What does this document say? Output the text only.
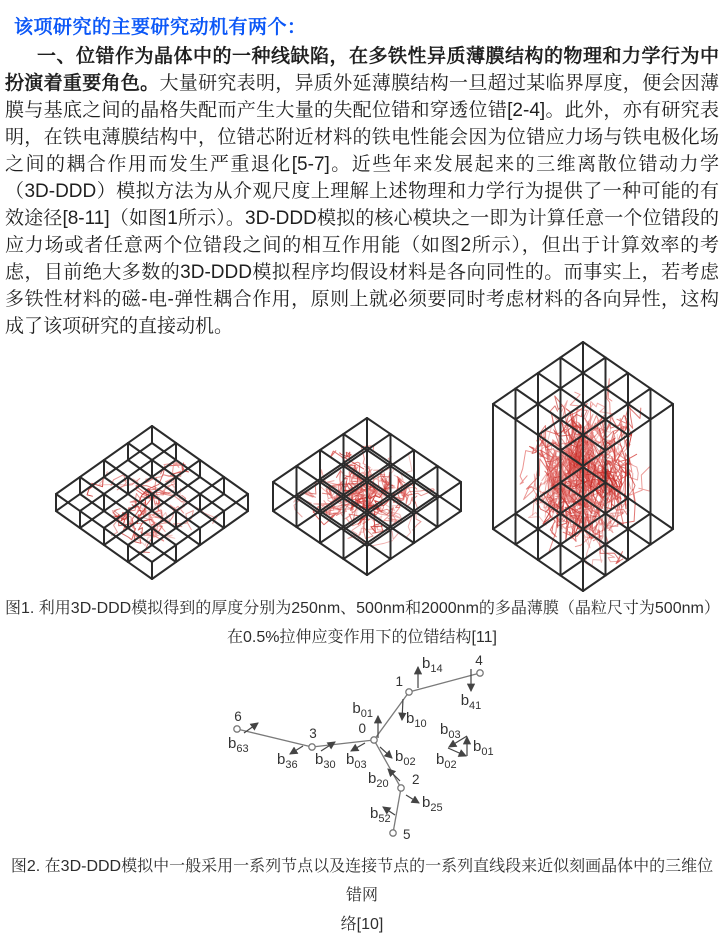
该项研究的主要研究动机有两个：

一、位错作为晶体中的一种线缺陷，在多铁性异质薄膜结构的物理和力学行为中扮演着重要角色。大量研究表明，异质外延薄膜结构一旦超过某临界厚度，便会因薄膜与基底之间的晶格失配而产生大量的失配位错和穿透位错[2-4]。此外，亦有研究表明，在铁电薄膜结构中，位错芯附近材料的铁电性能会因为位错应力场与铁电极化场之间的耦合作用而发生严重退化[5-7]。近些年来发展起来的三维离散位错动力学（3D-DDD）模拟方法为从介观尺度上理解上述物理和力学行为提供了一种可能的有效途径[8-11]（如图1所示）。3D-DDD模拟的核心模块之一即为计算任意一个位错段的应力场或者任意两个位错段之间的相互作用能（如图2所示），但出于计算效率的考虑，目前绝大多数的3D-DDD模拟程序均假设材料是各向同性的。而事实上，若考虑多铁性材料的磁-电-弹性耦合作用，原则上就必须要同时考虑材料的各向异性，这构成了该项研究的直接动机。

图1. 利用3D-DDD模拟得到的厚度分别为250nm、500nm和2000nm的多晶薄膜（晶粒尺寸为500nm）
在0.5%拉伸应变作用下的位错结构[11]
0
1
2
3
4
5
6	$b_{01}$ $b_{10}$
$b_{14}$
$b_{41}$
$b_{63}$
$b_{36}$ $b_{30}$ $b_{03}$ $b_{02}$
$b_{20}$
$b_{25}$
$b_{52}$
$b_{01}$
$b_{03}$
$b_{02}$
图2. 在3D-DDD模拟中一般采用一系列节点以及连接节点的一系列直线段来近似刻画晶体中的三维位错网
络[10]
